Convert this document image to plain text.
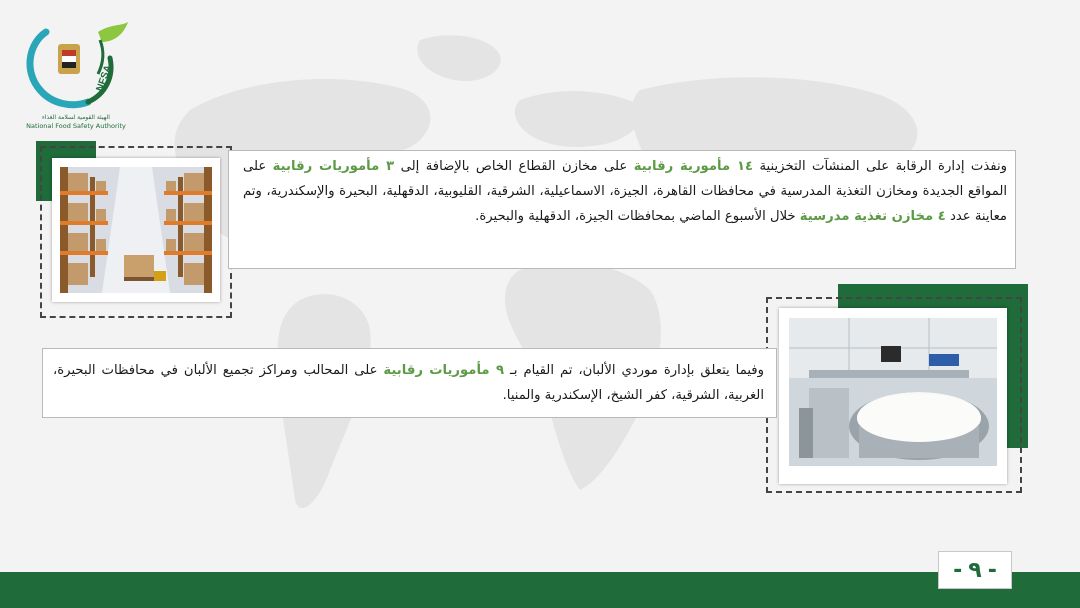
NFSA
الهيئة القومية لسلامة الغذاء
National Food Safety Authority
ونفذت إدارة الرقابة على المنشآت التخزينية ١٤ مأمورية رقابية على مخازن القطاع الخاص بالإضافة إلى ٣ مأموريات رقابية على المواقع الجديدة ومخازن التغذية المدرسية في محافظات القاهرة، الجيزة، الاسماعيلية، الشرقية، القليوبية، الدقهلية، البحيرة والإسكندرية، وتم معاينة عدد ٤ مخازن تغذية مدرسية خلال الأسبوع الماضي بمحافظات الجيزة، الدقهلية والبحيرة.
وفيما يتعلق بإدارة موردي الألبان، تم القيام بـ ٩ مأموريات رقابية على المحالب ومراكز تجميع الألبان في محافظات البحيرة، الغربية، الشرقية، كفر الشيخ، الإسكندرية والمنيا.
- ٩ -
